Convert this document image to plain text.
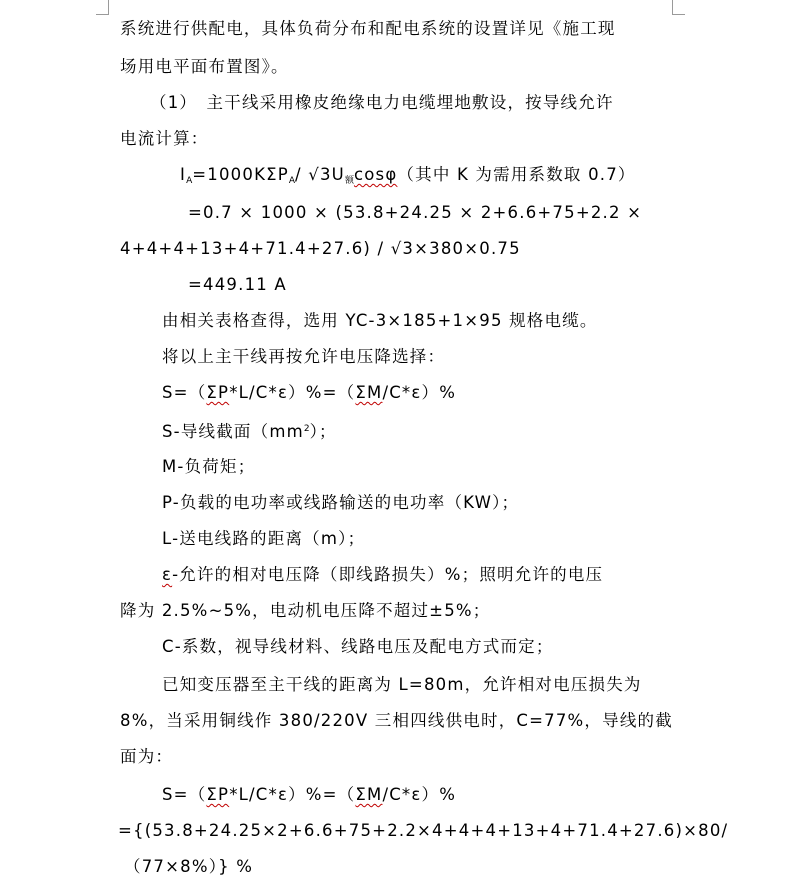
系统进行供配电，具体负荷分布和配电系统的设置详见《施工现
场用电平面布置图》。
（1）　主干线采用橡皮绝缘电力电缆埋地敷设，按导线允许
电流计算：
$I_A=1000K\Sigma P_A/$ $√3U_额\cos\varphi$（其中 K 为需用系数取 0.7）
=0.7 × 1000 × (53.8+24.25 × 2+6.6+75+2.2 ×
4+4+4+13+4+71.4+27.6) / √3×380×0.75
=449.11 A
由相关表格查得，选用 YC-3×185+1×95 规格电缆。
将以上主干线再按允许电压降选择：
S=（ΣP*L/C*ε）%=（ΣM/C*ε）%
S-导线截面$(mm^2)$；
M-负荷矩；
P-负载的电功率或线路输送的电功率（KW）；
L-送电线路的距离（m）；
ε-允许的相对电压降（即线路损失）%；照明允许的电压
降为 2.5%~5%，电动机电压降不超过±5%；
C-系数，视导线材料、线路电压及配电方式而定；
已知变压器至主干线的距离为 L=80m，允许相对电压损失为
8%，当采用铜线作 380/220V 三相四线供电时，C=77%，导线的截
面为：
S=（ΣP*L/C*ε）%=（ΣM/C*ε）%
={(53.8+24.25×2+6.6+75+2.2×4+4+4+13+4+71.4+27.6)×80/
（77×8%）} %
